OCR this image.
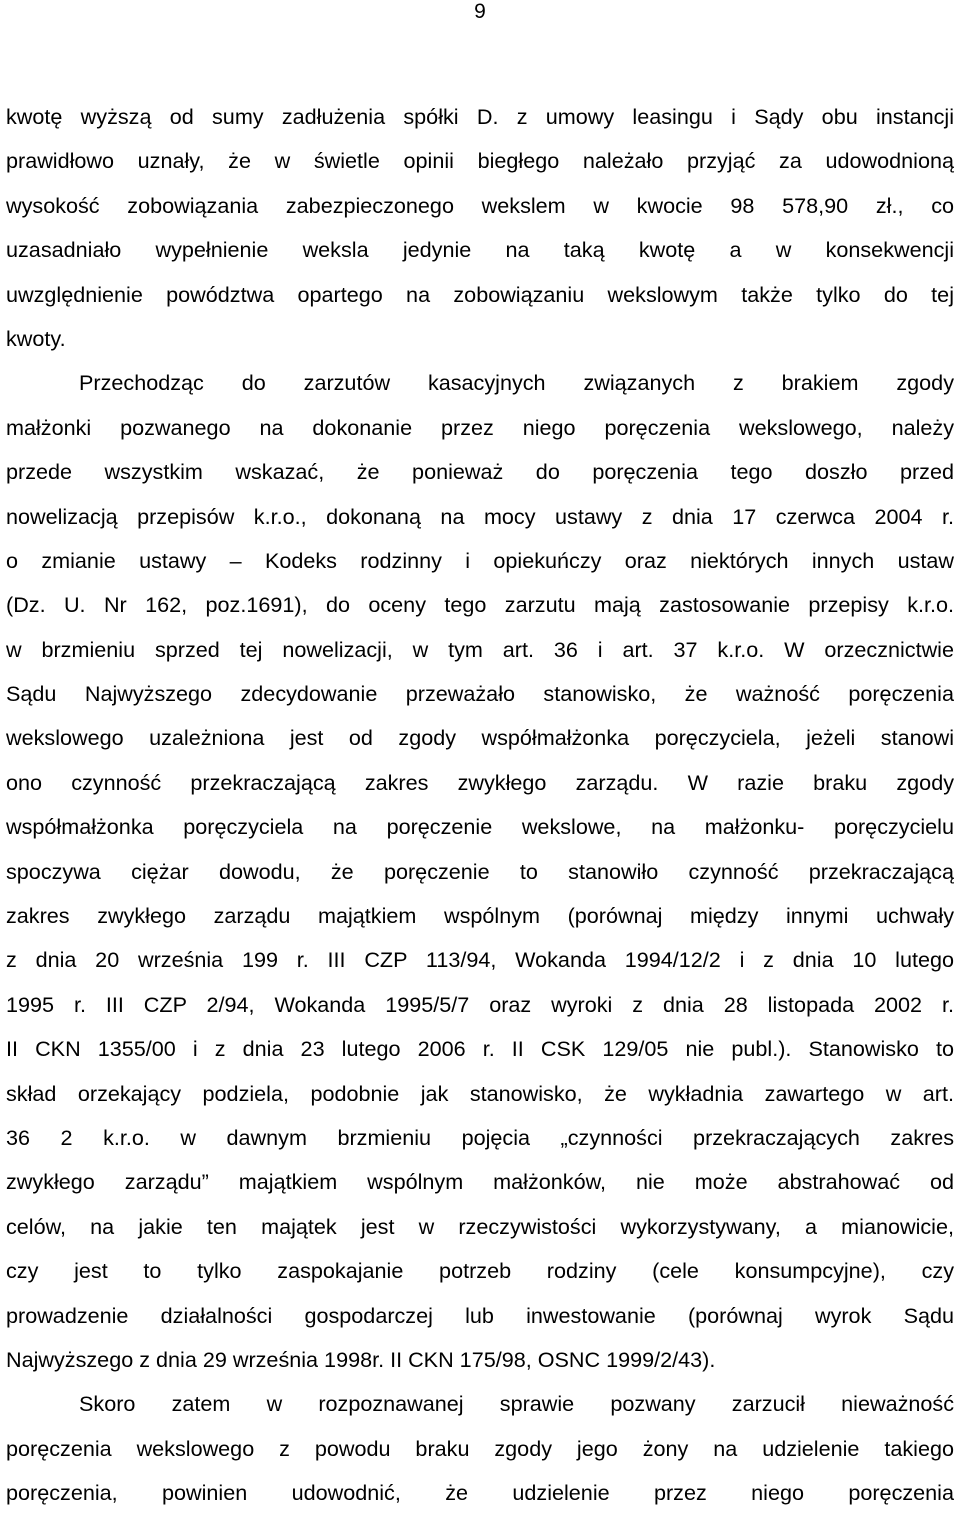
9
kwotę wyższą od sumy zadłużenia spółki D. z umowy leasingu i Sądy obu instancji
prawidłowo uznały, że w świetle opinii biegłego należało przyjąć za udowodnioną
wysokość zobowiązania zabezpieczonego wekslem w kwocie 98 578,90 zł., co
uzasadniało wypełnienie weksla jedynie na taką kwotę a w konsekwencji
uwzględnienie powództwa opartego na zobowiązaniu wekslowym także tylko do tej
kwoty.
Przechodząc do zarzutów kasacyjnych związanych z brakiem zgody
małżonki pozwanego na dokonanie przez niego poręczenia wekslowego, należy
przede wszystkim wskazać, że ponieważ do poręczenia tego doszło przed
nowelizacją przepisów k.r.o., dokonaną na mocy ustawy z dnia 17 czerwca 2004 r.
o zmianie ustawy – Kodeks rodzinny i opiekuńczy oraz niektórych innych ustaw
(Dz. U. Nr 162, poz.1691), do oceny tego zarzutu mają zastosowanie przepisy k.r.o.
w brzmieniu sprzed tej nowelizacji, w tym art. 36 i art. 37 k.r.o. W orzecznictwie
Sądu Najwyższego zdecydowanie przeważało stanowisko, że ważność poręczenia
wekslowego uzależniona jest od zgody współmałżonka poręczyciela, jeżeli stanowi
ono czynność przekraczającą zakres zwykłego zarządu. W razie braku zgody
współmałżonka poręczyciela na poręczenie wekslowe, na małżonku- poręczycielu
spoczywa ciężar dowodu, że poręczenie to stanowiło czynność przekraczającą
zakres zwykłego zarządu majątkiem wspólnym (porównaj między innymi uchwały
z dnia 20 września 199 r. III CZP 113/94, Wokanda 1994/12/2 i z dnia 10 lutego
1995 r. III CZP 2/94, Wokanda 1995/5/7 oraz wyroki z dnia 28 listopada 2002 r.
II CKN 1355/00 i z dnia 23 lutego 2006 r. II CSK 129/05 nie publ.). Stanowisko to
skład orzekający podziela, podobnie jak stanowisko, że wykładnia zawartego w art.
36 2 k.r.o. w dawnym brzmieniu pojęcia „czynności przekraczających zakres
zwykłego zarządu” majątkiem wspólnym małżonków, nie może abstrahować od
celów, na jakie ten majątek jest w rzeczywistości wykorzystywany, a mianowicie,
czy jest to tylko zaspokajanie potrzeb rodziny (cele konsumpcyjne), czy
prowadzenie działalności gospodarczej lub inwestowanie (porównaj wyrok Sądu
Najwyższego z dnia 29 września 1998r. II CKN 175/98, OSNC 1999/2/43).
Skoro zatem w rozpoznawanej sprawie pozwany zarzucił nieważność
poręczenia wekslowego z powodu braku zgody jego żony na udzielenie takiego
poręczenia, powinien udowodnić, że udzielenie przez niego poręczenia
